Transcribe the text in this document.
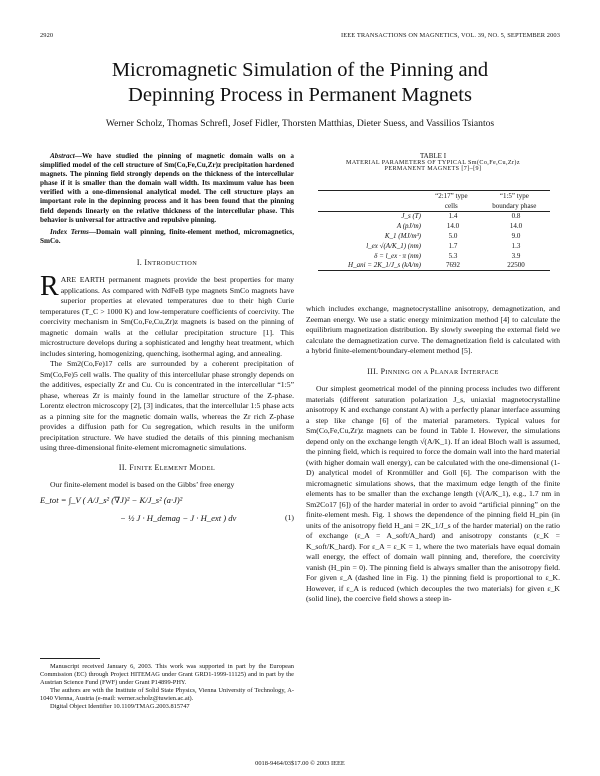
2920	IEEE TRANSACTIONS ON MAGNETICS, VOL. 39, NO. 5, SEPTEMBER 2003
Micromagnetic Simulation of the Pinning and
Depinning Process in Permanent Magnets
Werner Scholz, Thomas Schrefl, Josef Fidler, Thorsten Matthias, Dieter Suess, and Vassilios Tsiantos

Abstract—We have studied the pinning of magnetic domain walls on a simplified model of the cell structure of Sm(Co,Fe,Cu,Zr)z precipitation hardened magnets. The pinning field strongly depends on the thickness of the intercellular phase if it is smaller than the domain wall width. Its maximum value has been verified with a one-dimensional analytical model. The cell structure plays an important role in the depinning process and it has been found that the pinning field depends linearly on the relative thickness of the intercellular phase. This behavior is universal for attractive and repulsive pinning.

Index Terms—Domain wall pinning, finite-element method, micromagnetics, SmCo.

I. INTRODUCTION

RARE EARTH permanent magnets provide the best properties for many applications. As compared with NdFeB type magnets SmCo magnets have superior properties at elevated temperatures due to their high Curie temperatures (T_C > 1000 K) and low-temperature coefficients of coercivity. The coercivity mechanism in Sm(Co,Fe,Cu,Zr)z magnets is based on the pinning of magnetic domain walls at the cellular precipitation structure [1]. This microstructure develops during a sophisticated and lengthy heat treatment, which includes sintering, homogenizing, quenching, isothermal aging, and annealing.

The Sm2(Co,Fe)17 cells are surrounded by a coherent precipitation of Sm(Co,Fe)5 cell walls. The quality of this intercellular phase strongly depends on the additives, especially Zr and Cu. Cu is concentrated in the intercellular “1:5” phase, whereas Zr is mainly found in the lamellar structure of the Z-phase. Lorentz electron microscopy [2], [3] indicates, that the intercellular 1:5 phase acts as a pinning site for the magnetic domain walls, whereas the Zr rich Z-phase provides a diffusion path for Cu segregation, which results in the uniform precipitation structure. We have studied the details of this pinning mechanism using three-dimensional finite-element micromagnetic simulations.

II. FINITE ELEMENT MODEL

Our finite-element model is based on the Gibbs’ free energy

E_tot = ∫_V ( A/J_s² (∇J)² − K/J_s² (a·J)²
− ½ J · H_demag − J · H_ext ) dv	(1)

Manuscript received January 6, 2003. This work was supported in part by the European Commission (EC) through Project HITEMAG under Grant GRD1-1999-11125) and in part by the Austrian Science Fund (FWF) under Grant P14899-PHY.

The authors are with the Institute of Solid State Physics, Vienna University of Technology, A-1040 Vienna, Austria (e-mail: werner.scholz@tuwien.ac.at).

Digital Object Identifier 10.1109/TMAG.2003.815747

TABLE I
MATERIAL PARAMETERS OF TYPICAL Sm(Co,Fe,Cu,Zr)z
PERMANENT MAGNETS [7]–[9]
	“2:17” type	“1:5” type
	cells	boundary phase
J_s (T)	1.4	0.8
A (pJ/m)	14.0	14.0
K_1 (MJ/m³)	5.0	9.0
l_ex √(A/K_1) (nm)	1.7	1.3
δ = l_ex · π (nm)	5.3	3.9
H_ani = 2K_1/J_s (kA/m)	7692	22500

which includes exchange, magnetocrystalline anisotropy, demagnetization, and Zeeman energy. We use a static energy minimization method [4] to calculate the equilibrium magnetization distribution. By slowly sweeping the external field we calculate the demagnetization curve. The demagnetization field is calculated with a hybrid finite-element/boundary-element method [5].

III. PINNING ON A PLANAR INTERFACE

Our simplest geometrical model of the pinning process includes two different materials (different saturation polarization J_s, uniaxial magnetocrystalline anisotropy K and exchange constant A) with a perfectly planar interface assuming a step like change [6] of the material parameters. Typical values for Sm(Co,Fe,Cu,Zr)z magnets can be found in Table I. However, the simulations depend only on the exchange length √(A/K_1). If an ideal Bloch wall is assumed, the pinning field, which is required to force the domain wall into the hard material (with higher domain wall energy), can be calculated with the one-dimensional (1-D) analytical model of Kronmüller and Goll [6]. The comparison with the micromagnetic simulations shows, that the maximum edge length of the finite elements has to be smaller than the exchange length (√(A/K_1), e.g., 1.7 nm in Sm2Co17 [6]) of the harder material in order to avoid “artificial pinning” on the finite-element mesh. Fig. 1 shows the dependence of the pinning field H_pin (in units of the anisotropy field H_ani = 2K_1/J_s of the harder material) on the ratio of exchange (ε_A = A_soft/A_hard) and anisotropy constants (ε_K = K_soft/K_hard). For ε_A = ε_K = 1, where the two materials have equal domain wall energy, the effect of domain wall pinning and, therefore, the coercivity vanish (H_pin = 0). The pinning field is always smaller than the anisotropy field. For given ε_A (dashed line in Fig. 1) the pinning field is proportional to ε_K. However, if ε_A is reduced (which decouples the two materials) for given ε_K (solid line), the coercive field shows a steep in-

0018-9464/03$17.00 © 2003 IEEE
